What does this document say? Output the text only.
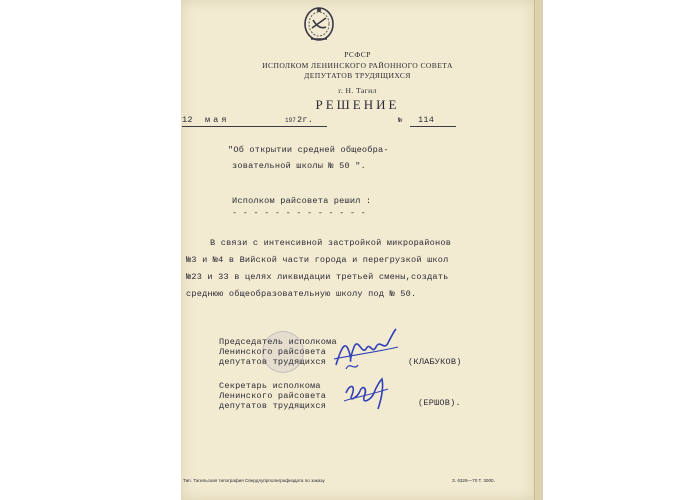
РСФСР
ИСПОЛКОМ ЛЕНИНСКОГО РАЙОННОГО СОВЕТА
ДЕПУТАТОВ ТРУДЯЩИХСЯ
г. Н. Тагил
РЕШЕНИЕ
12 мая	197 2г.	№ 114
"Об открытии средней общеобра-
зовательной школы № 50 ".
Исполком райсовета решил :
- - - - - - - - - - - - -
В связи с интенсивной застройкой микрорайонов
№3 и №4 в Вийской части города и перегрузкой школ
№23 и 33 в целях ликвидации третьей смены,создать
среднюю общеобразовательную школу под № 50.
Председатель исполкома
Ленинского райсовета
депутатов трудящихся	(КЛАБУКОВ)
Секретарь исполкома
Ленинского райсовета
депутатов трудящихся	(ЕРШОВ).
Тип. Тагильская типография Свердлупрполиграфиздата по заказу	З. 6326—70 Т. 3000.
